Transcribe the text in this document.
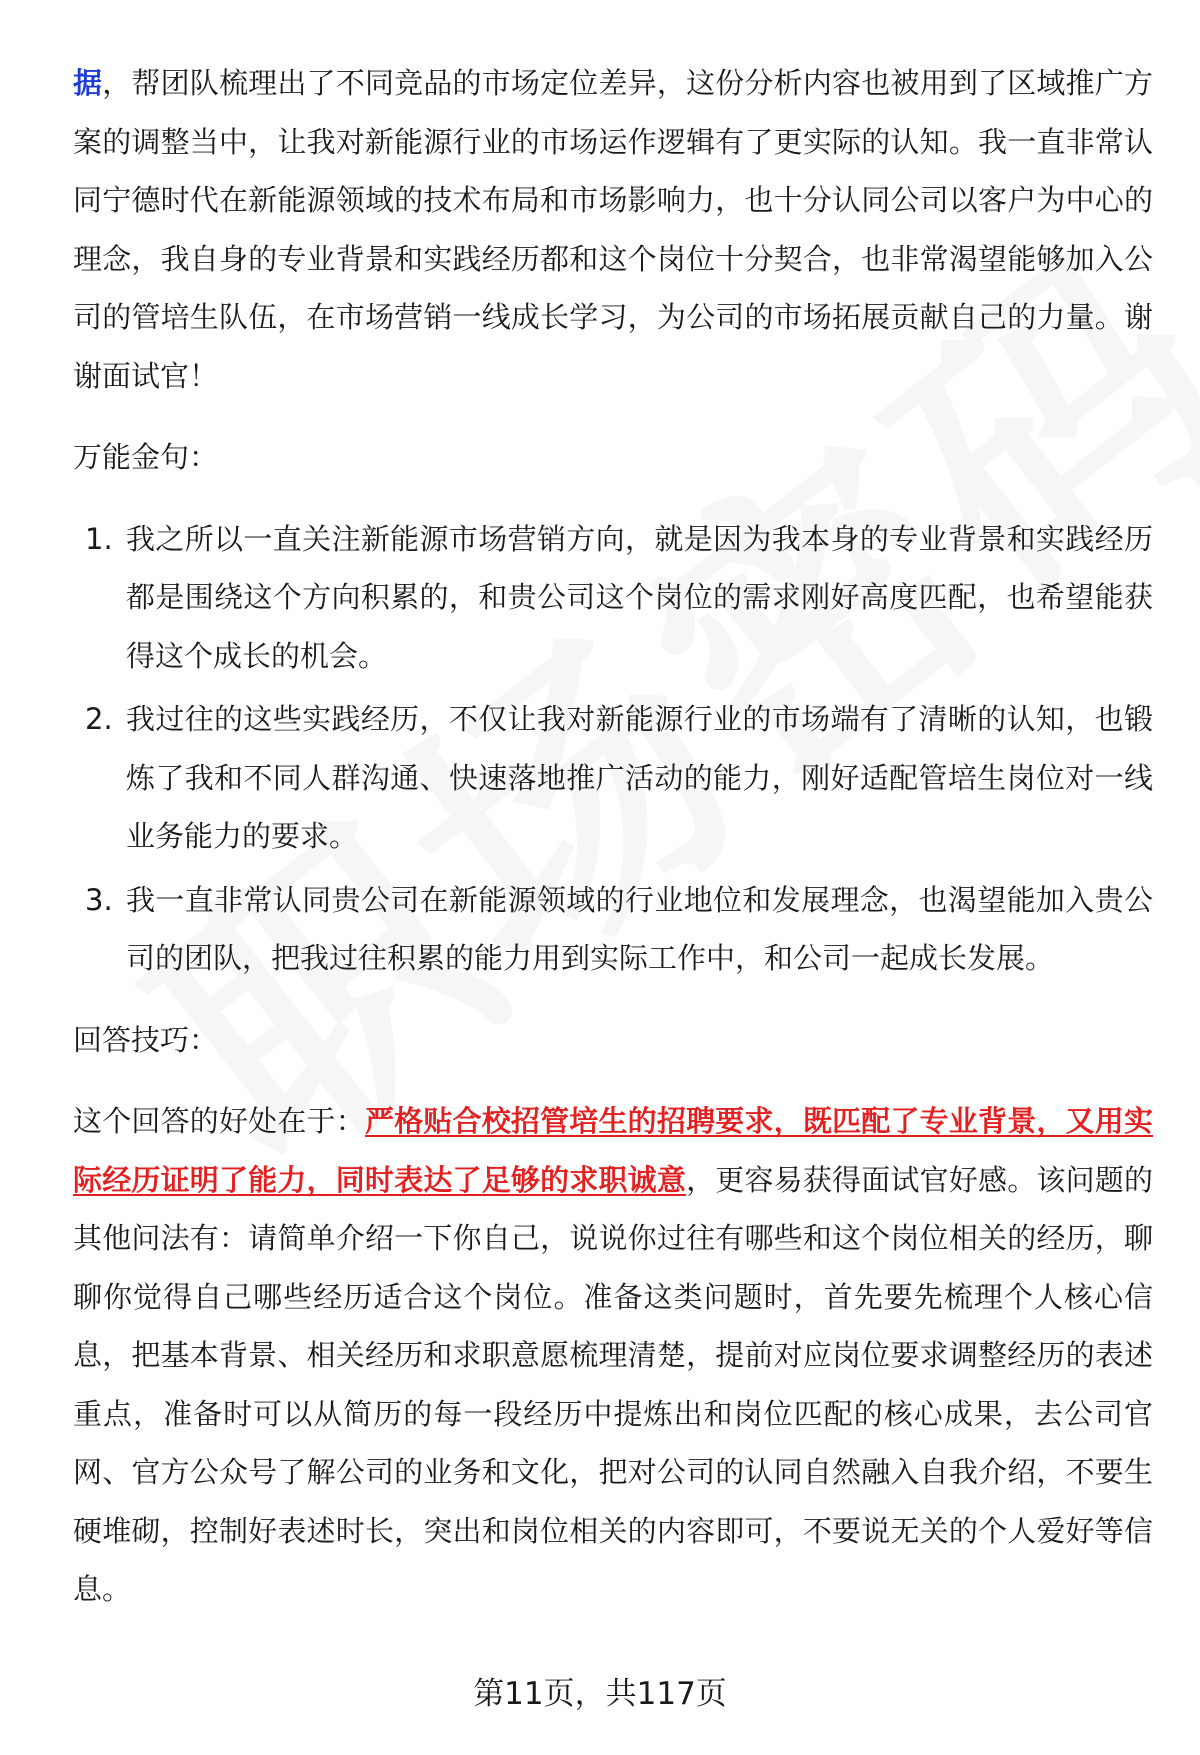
据，帮团队梳理出了不同竞品的市场定位差异，这份分析内容也被用到了区域推广方案的调整当中，让我对新能源行业的市场运作逻辑有了更实际的认知。我一直非常认同宁德时代在新能源领域的技术布局和市场影响力，也十分认同公司以客户为中心的理念，我自身的专业背景和实践经历都和这个岗位十分契合，也非常渴望能够加入公司的管培生队伍，在市场营销一线成长学习，为公司的市场拓展贡献自己的力量。谢谢面试官！

万能金句：

1. 我之所以一直关注新能源市场营销方向，就是因为我本身的专业背景和实践经历都是围绕这个方向积累的，和贵公司这个岗位的需求刚好高度匹配，也希望能获得这个成长的机会。
2. 我过往的这些实践经历，不仅让我对新能源行业的市场端有了清晰的认知，也锻炼了我和不同人群沟通、快速落地推广活动的能力，刚好适配管培生岗位对一线业务能力的要求。
3. 我一直非常认同贵公司在新能源领域的行业地位和发展理念，也渴望能加入贵公司的团队，把我过往积累的能力用到实际工作中，和公司一起成长发展。

回答技巧：

这个回答的好处在于：严格贴合校招管培生的招聘要求，既匹配了专业背景，又用实际经历证明了能力，同时表达了足够的求职诚意，更容易获得面试官好感。该问题的其他问法有：请简单介绍一下你自己，说说你过往有哪些和这个岗位相关的经历，聊聊你觉得自己哪些经历适合这个岗位。准备这类问题时，首先要先梳理个人核心信息，把基本背景、相关经历和求职意愿梳理清楚，提前对应岗位要求调整经历的表述重点，准备时可以从简历的每一段经历中提炼出和岗位匹配的核心成果，去公司官网、官方公众号了解公司的业务和文化，把对公司的认同自然融入自我介绍，不要生硬堆砌，控制好表述时长，突出和岗位相关的内容即可，不要说无关的个人爱好等信息。

第11页，共117页
